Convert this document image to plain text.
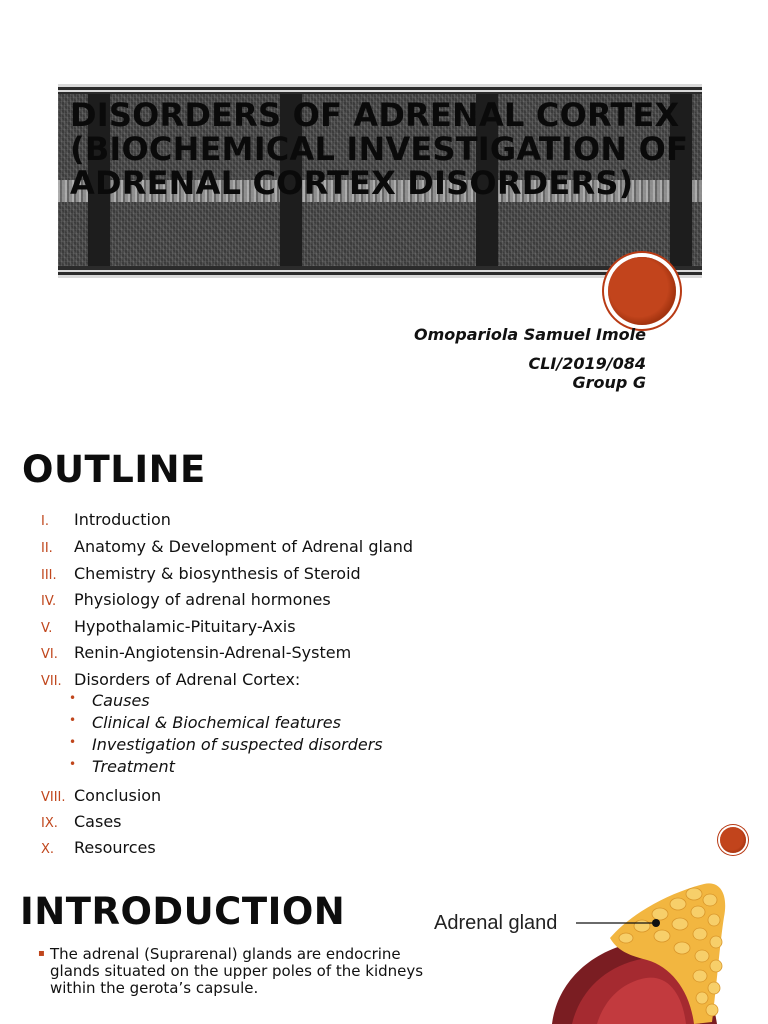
DISORDERS OF ADRENAL CORTEX
(BIOCHEMICAL INVESTIGATION OF
ADRENAL CORTEX DISORDERS)
Omopariola Samuel Imole
CLI/2019/084
Group G
OUTLINE
I. Introduction
II. Anatomy & Development of Adrenal gland
III. Chemistry & biosynthesis of Steroid
IV. Physiology of adrenal hormones
V. Hypothalamic-Pituitary-Axis
VI. Renin-Angiotensin-Adrenal-System
VII. Disorders of Adrenal Cortex:
• Causes
• Clinical & Biochemical features
• Investigation of suspected disorders
• Treatment
VIII. Conclusion
IX. Cases
X. Resources
INTRODUCTION
▪ The adrenal (Suprarenal) glands are endocrine glands situated on the upper poles of the kidneys within the gerota’s capsule.

Adrenal gland
